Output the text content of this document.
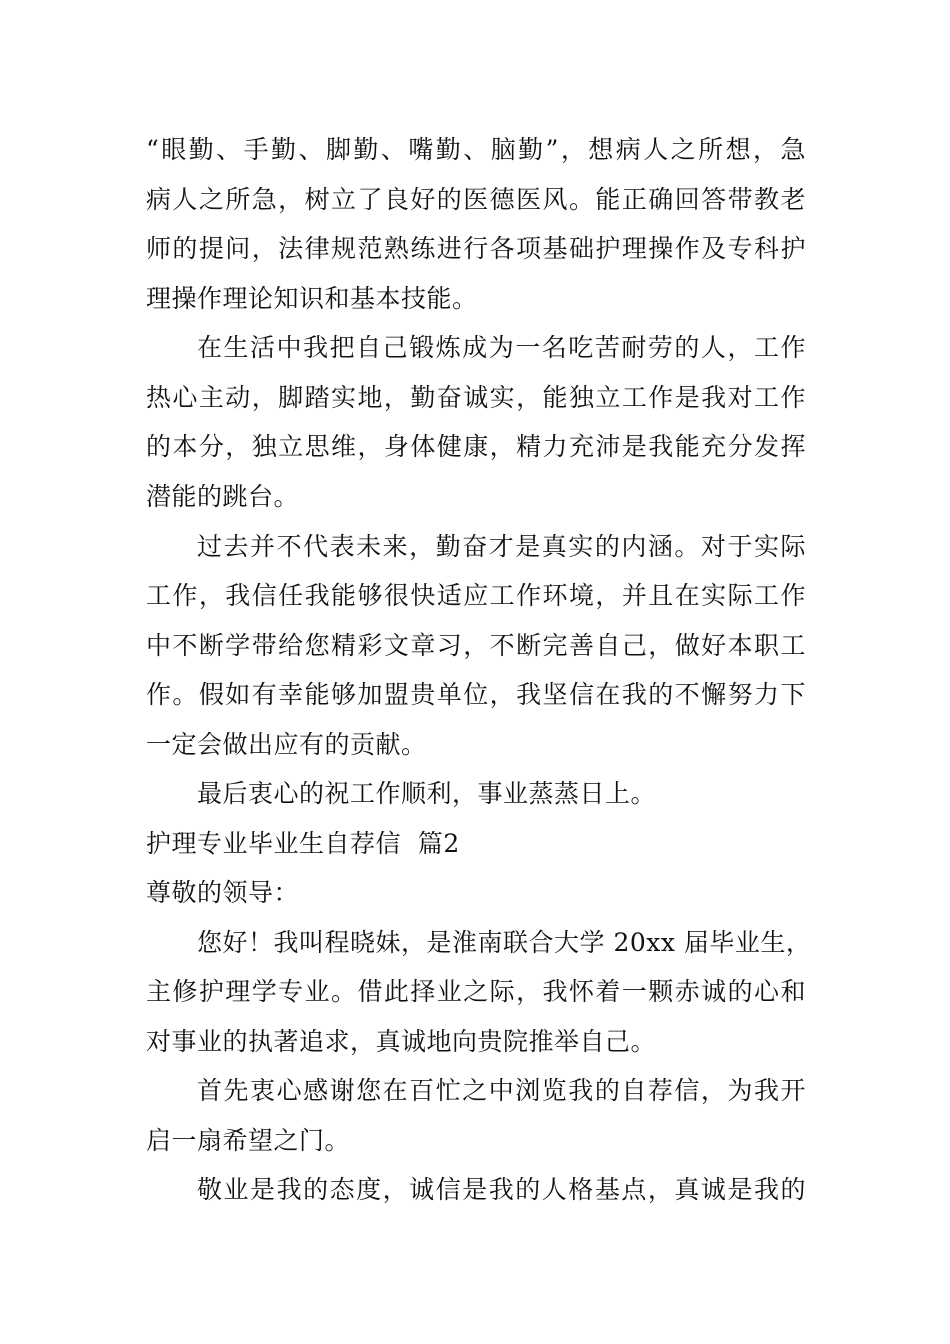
“眼勤、手勤、脚勤、嘴勤、脑勤”，想病人之所想，急
病人之所急，树立了良好的医德医风。能正确回答带教老
师的提问，法律规范熟练进行各项基础护理操作及专科护
理操作理论知识和基本技能。
在生活中我把自己锻炼成为一名吃苦耐劳的人，工作
热心主动，脚踏实地，勤奋诚实，能独立工作是我对工作
的本分，独立思维，身体健康，精力充沛是我能充分发挥
潜能的跳台。
过去并不代表未来，勤奋才是真实的内涵。对于实际
工作，我信任我能够很快适应工作环境，并且在实际工作
中不断学带给您精彩文章习，不断完善自己，做好本职工
作。假如有幸能够加盟贵单位，我坚信在我的不懈努力下
一定会做出应有的贡献。
最后衷心的祝工作顺利，事业蒸蒸日上。
护理专业毕业生自荐信  篇2
尊敬的领导：
您好！我叫程晓妹，是淮南联合大学 20xx 届毕业生，
主修护理学专业。借此择业之际，我怀着一颗赤诚的心和
对事业的执著追求，真诚地向贵院推举自己。
首先衷心感谢您在百忙之中浏览我的自荐信，为我开
启一扇希望之门。
敬业是我的态度，诚信是我的人格基点，真诚是我的
